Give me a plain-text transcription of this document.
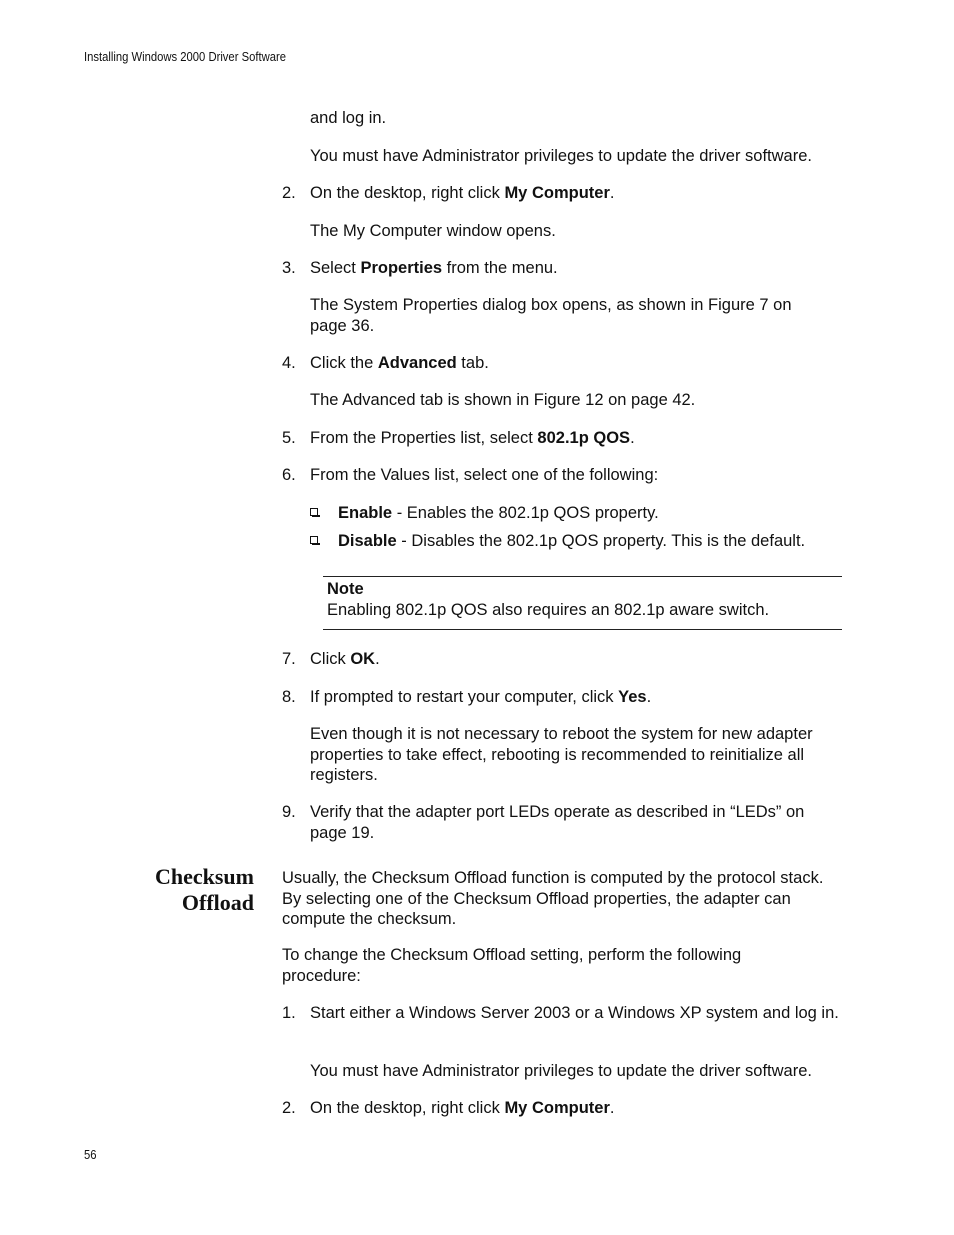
Installing Windows 2000 Driver Software
and log in.
You must have Administrator privileges to update the driver software.
2. On the desktop, right click My Computer.
The My Computer window opens.
3. Select Properties from the menu.
The System Properties dialog box opens, as shown in Figure 7 on page 36.
4. Click the Advanced tab.
The Advanced tab is shown in Figure 12 on page 42.
5. From the Properties list, select 802.1p QOS.
6. From the Values list, select one of the following:
Enable - Enables the 802.1p QOS property.
Disable - Disables the 802.1p QOS property. This is the default.
Note
Enabling 802.1p QOS also requires an 802.1p aware switch.
7. Click OK.
8. If prompted to restart your computer, click Yes.
Even though it is not necessary to reboot the system for new adapter properties to take effect, rebooting is recommended to reinitialize all registers.
9. Verify that the adapter port LEDs operate as described in “LEDs” on page 19.
Checksum
Offload
Usually, the Checksum Offload function is computed by the protocol stack. By selecting one of the Checksum Offload properties, the adapter can compute the checksum.
To change the Checksum Offload setting, perform the following procedure:
1. Start either a Windows Server 2003 or a Windows XP system and log in.
You must have Administrator privileges to update the driver software.
2. On the desktop, right click My Computer.
56
